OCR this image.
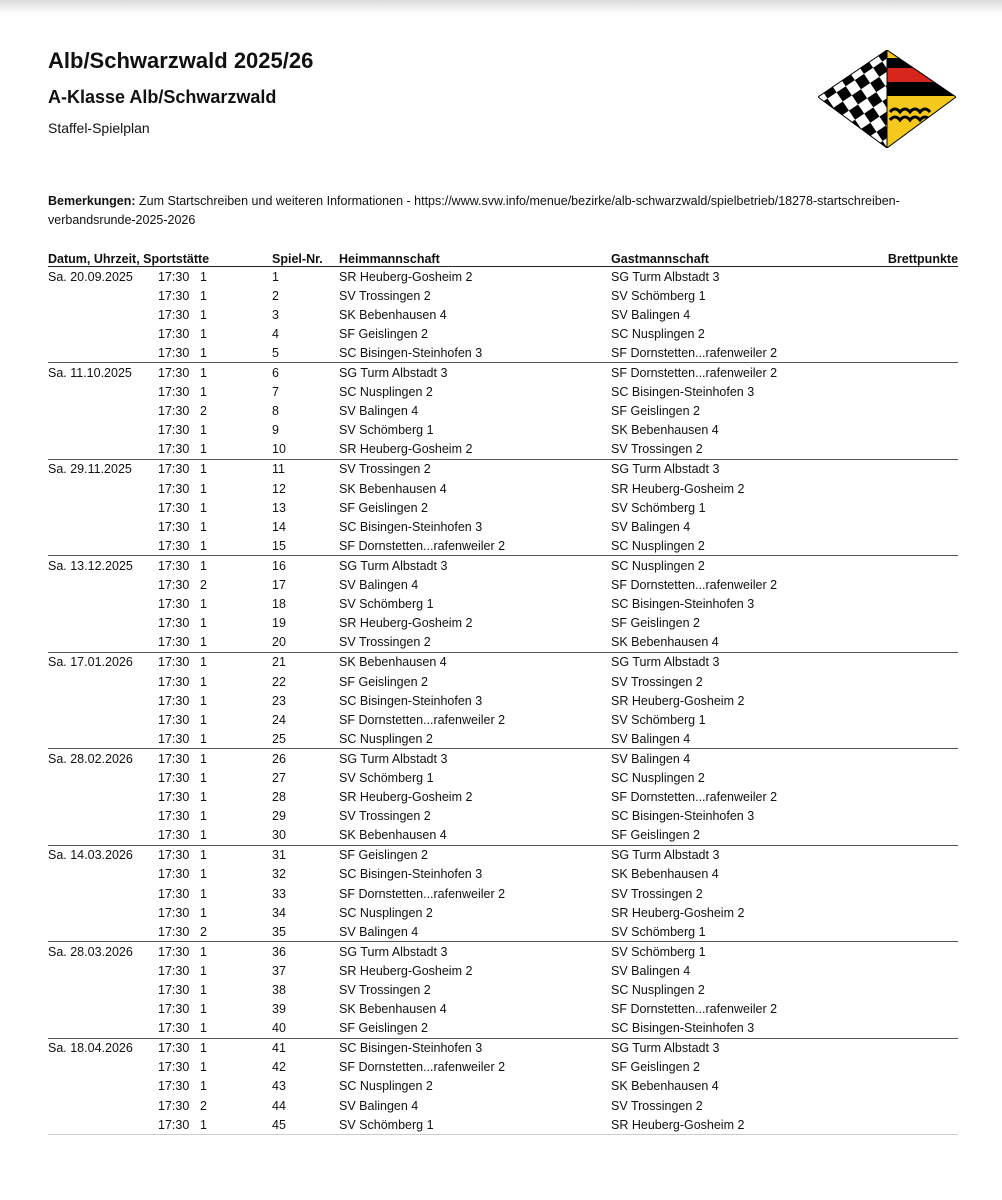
Alb/Schwarzwald 2025/26
A-Klasse Alb/Schwarzwald
Staffel-Spielplan
Bemerkungen: Zum Startschreiben und weiteren Informationen - https://www.svw.info/menue/bezirke/alb-schwarzwald/spielbetrieb/18278-startschreiben-verbandsrunde-2025-2026
Datum, Uhrzeit, Sportstätte			Spiel-Nr.	Heimmannschaft	Gastmannschaft	Brettpunkte
Sa. 20.09.2025	17:30	1	1	SR Heuberg-Gosheim 2	SG Turm Albstadt 3	
	17:30	1	2	SV Trossingen 2	SV Schömberg 1	
	17:30	1	3	SK Bebenhausen 4	SV Balingen 4	
	17:30	1	4	SF Geislingen 2	SC Nusplingen 2	
	17:30	1	5	SC Bisingen-Steinhofen 3	SF Dornstetten...rafenweiler 2	
Sa. 11.10.2025	17:30	1	6	SG Turm Albstadt 3	SF Dornstetten...rafenweiler 2	
	17:30	1	7	SC Nusplingen 2	SC Bisingen-Steinhofen 3	
	17:30	2	8	SV Balingen 4	SF Geislingen 2	
	17:30	1	9	SV Schömberg 1	SK Bebenhausen 4	
	17:30	1	10	SR Heuberg-Gosheim 2	SV Trossingen 2	
Sa. 29.11.2025	17:30	1	11	SV Trossingen 2	SG Turm Albstadt 3	
	17:30	1	12	SK Bebenhausen 4	SR Heuberg-Gosheim 2	
	17:30	1	13	SF Geislingen 2	SV Schömberg 1	
	17:30	1	14	SC Bisingen-Steinhofen 3	SV Balingen 4	
	17:30	1	15	SF Dornstetten...rafenweiler 2	SC Nusplingen 2	
Sa. 13.12.2025	17:30	1	16	SG Turm Albstadt 3	SC Nusplingen 2	
	17:30	2	17	SV Balingen 4	SF Dornstetten...rafenweiler 2	
	17:30	1	18	SV Schömberg 1	SC Bisingen-Steinhofen 3	
	17:30	1	19	SR Heuberg-Gosheim 2	SF Geislingen 2	
	17:30	1	20	SV Trossingen 2	SK Bebenhausen 4	
Sa. 17.01.2026	17:30	1	21	SK Bebenhausen 4	SG Turm Albstadt 3	
	17:30	1	22	SF Geislingen 2	SV Trossingen 2	
	17:30	1	23	SC Bisingen-Steinhofen 3	SR Heuberg-Gosheim 2	
	17:30	1	24	SF Dornstetten...rafenweiler 2	SV Schömberg 1	
	17:30	1	25	SC Nusplingen 2	SV Balingen 4	
Sa. 28.02.2026	17:30	1	26	SG Turm Albstadt 3	SV Balingen 4	
	17:30	1	27	SV Schömberg 1	SC Nusplingen 2	
	17:30	1	28	SR Heuberg-Gosheim 2	SF Dornstetten...rafenweiler 2	
	17:30	1	29	SV Trossingen 2	SC Bisingen-Steinhofen 3	
	17:30	1	30	SK Bebenhausen 4	SF Geislingen 2	
Sa. 14.03.2026	17:30	1	31	SF Geislingen 2	SG Turm Albstadt 3	
	17:30	1	32	SC Bisingen-Steinhofen 3	SK Bebenhausen 4	
	17:30	1	33	SF Dornstetten...rafenweiler 2	SV Trossingen 2	
	17:30	1	34	SC Nusplingen 2	SR Heuberg-Gosheim 2	
	17:30	2	35	SV Balingen 4	SV Schömberg 1	
Sa. 28.03.2026	17:30	1	36	SG Turm Albstadt 3	SV Schömberg 1	
	17:30	1	37	SR Heuberg-Gosheim 2	SV Balingen 4	
	17:30	1	38	SV Trossingen 2	SC Nusplingen 2	
	17:30	1	39	SK Bebenhausen 4	SF Dornstetten...rafenweiler 2	
	17:30	1	40	SF Geislingen 2	SC Bisingen-Steinhofen 3	
Sa. 18.04.2026	17:30	1	41	SC Bisingen-Steinhofen 3	SG Turm Albstadt 3	
	17:30	1	42	SF Dornstetten...rafenweiler 2	SF Geislingen 2	
	17:30	1	43	SC Nusplingen 2	SK Bebenhausen 4	
	17:30	2	44	SV Balingen 4	SV Trossingen 2	
	17:30	1	45	SV Schömberg 1	SR Heuberg-Gosheim 2	
